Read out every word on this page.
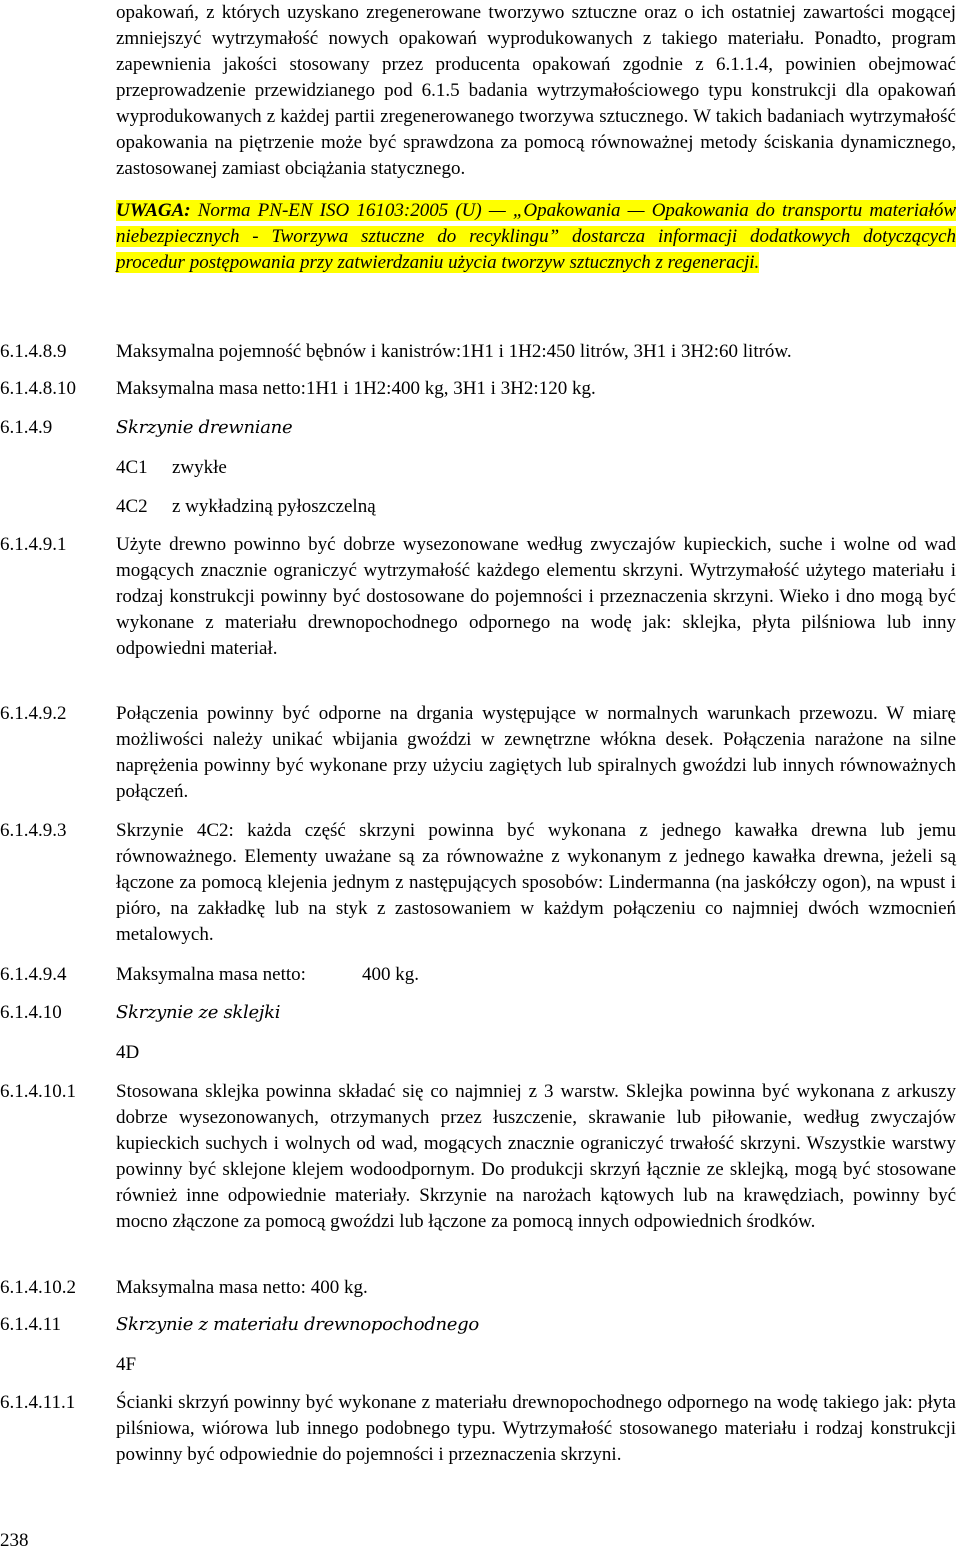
opakowań, z których uzyskano zregenerowane tworzywo sztuczne oraz o ich ostatniej zawartości mogącej zmniejszyć wytrzymałość nowych opakowań wyprodukowanych z takiego materiału. Ponadto, program zapewnienia jakości stosowany przez producenta opakowań zgodnie z 6.1.1.4, powinien obejmować przeprowadzenie przewidzianego pod 6.1.5 badania wytrzymałościowego typu konstrukcji dla opakowań wyprodukowanych z każdej partii zregenerowanego tworzywa sztucznego. W takich badaniach wytrzymałość opakowania na piętrzenie może być sprawdzona za pomocą równoważnej metody ściskania dynamicznego, zastosowanej zamiast obciążania statycznego.

UWAGA: Norma PN-EN ISO 16103:2005 (U) — „Opakowania — Opakowania do transportu materiałów niebezpiecznych - Tworzywa sztuczne do recyklingu” dostarcza informacji dodatkowych dotyczących procedur postępowania przy zatwierdzaniu użycia tworzyw sztucznych z regeneracji.

6.1.4.8.9	Maksymalna pojemność bębnów i kanistrów:1H1 i 1H2:450 litrów, 3H1 i 3H2:60 litrów.
6.1.4.8.10 Maksymalna masa netto:1H1 i 1H2:400 kg, 3H1 i 3H2:120 kg.
6.1.4.9	Skrzynie drewniane
4C1 zwykłe
4C2 z wykładziną pyłoszczelną
6.1.4.9.1	Użyte drewno powinno być dobrze wysezonowane według zwyczajów kupieckich, suche i wolne od wad mogących znacznie ograniczyć wytrzymałość każdego elementu skrzyni. Wytrzymałość użytego materiału i rodzaj konstrukcji powinny być dostosowane do pojemności i przeznaczenia skrzyni. Wieko i dno mogą być wykonane z materiału drewnopochodnego odpornego na wodę jak: sklejka, płyta pilśniowa lub inny odpowiedni materiał.
6.1.4.9.2	Połączenia powinny być odporne na drgania występujące w normalnych warunkach przewozu. W miarę możliwości należy unikać wbijania gwoździ w zewnętrzne włókna desek. Połączenia narażone na silne naprężenia powinny być wykonane przy użyciu zagiętych lub spiralnych gwoździ lub innych równoważnych połączeń.
6.1.4.9.3	Skrzynie 4C2: każda część skrzyni powinna być wykonana z jednego kawałka drewna lub jemu równoważnego. Elementy uważane są za równoważne z wykonanym z jednego kawałka drewna, jeżeli są łączone za pomocą klejenia jednym z następujących sposobów: Lindermanna (na jaskółczy ogon), na wpust i pióro, na zakładkę lub na styk z zastosowaniem w każdym połączeniu co najmniej dwóch wzmocnień metalowych.
6.1.4.9.4	Maksymalna masa netto:	400 kg.
6.1.4.10	Skrzynie ze sklejki
4D
6.1.4.10.1 Stosowana sklejka powinna składać się co najmniej z 3 warstw. Sklejka powinna być wykonana z arkuszy dobrze wysezonowanych, otrzymanych przez łuszczenie, skrawanie lub piłowanie, według zwyczajów kupieckich suchych i wolnych od wad, mogących znacznie ograniczyć trwałość skrzyni. Wszystkie warstwy powinny być sklejone klejem wodoodpornym. Do produkcji skrzyń łącznie ze sklejką, mogą być stosowane również inne odpowiednie materiały. Skrzynie na narożach kątowych lub na krawędziach, powinny być mocno złączone za pomocą gwoździ lub łączone za pomocą innych odpowiednich środków.
6.1.4.10.2 Maksymalna masa netto: 400 kg.
6.1.4.11	Skrzynie z materiału drewnopochodnego
4F
6.1.4.11.1 Ścianki skrzyń powinny być wykonane z materiału drewnopochodnego odpornego na wodę takiego jak: płyta pilśniowa, wiórowa lub innego podobnego typu. Wytrzymałość stosowanego materiału i rodzaj konstrukcji powinny być odpowiednie do pojemności i przeznaczenia skrzyni.
238
